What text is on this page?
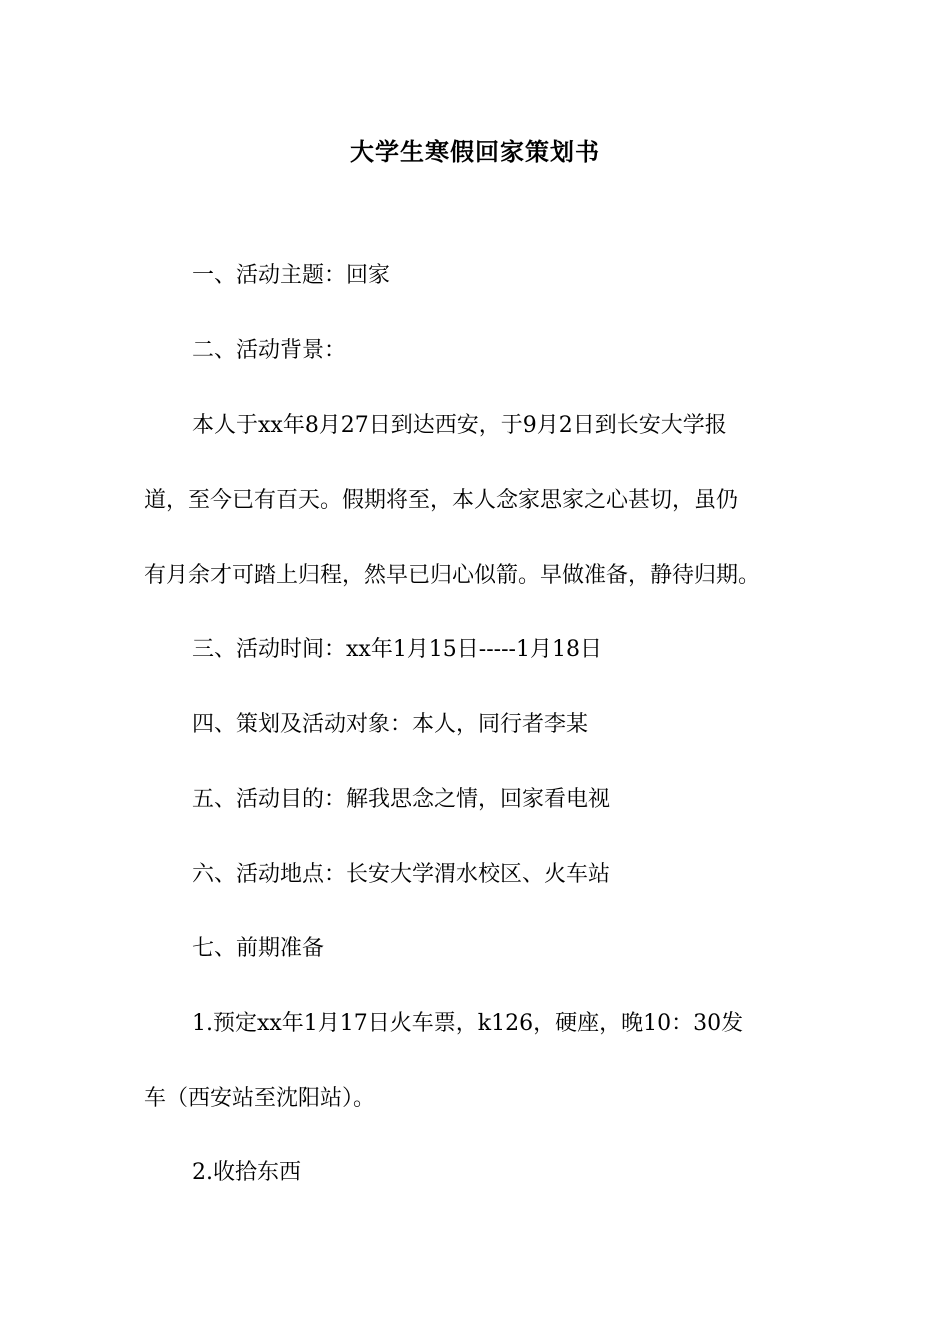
大学生寒假回家策划书
一、活动主题：回家
二、活动背景：
本人于xx年8月27日到达西安，于9月2日到长安大学报
道，至今已有百天。假期将至，本人念家思家之心甚切，虽仍
有月余才可踏上归程，然早已归心似箭。早做准备，静待归期。
三、活动时间：xx年1月15日-----1月18日
四、策划及活动对象：本人，同行者李某
五、活动目的：解我思念之情，回家看电视
六、活动地点：长安大学渭水校区、火车站
七、前期准备
1.预定xx年1月17日火车票，k126，硬座，晚10：30发
车（西安站至沈阳站）。
2.收拾东西
